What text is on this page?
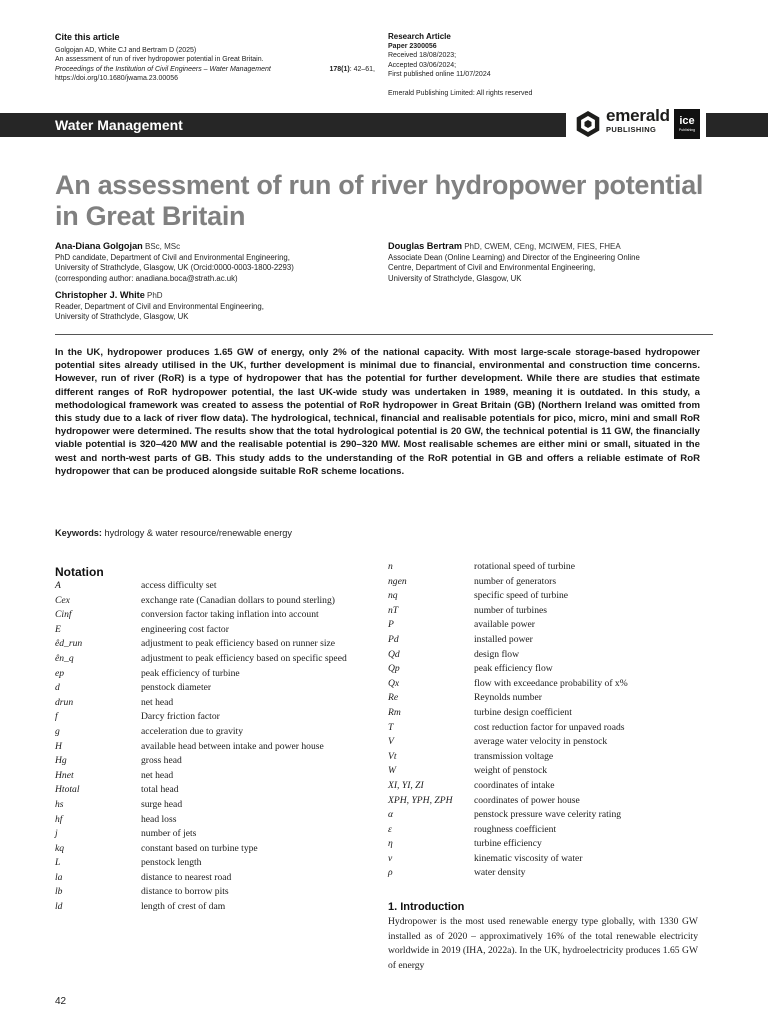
Cite this article
Golgojan AD, White CJ and Bertram D (2025)
An assessment of run of river hydropower potential in Great Britain.
Proceedings of the Institution of Civil Engineers – Water Management	178(1): 42–61,
https://doi.org/10.1680/jwama.23.00056
Research Article
Paper 2300056
Received 18/08/2023;
Accepted 03/06/2024;
First published online 11/07/2024
Emerald Publishing Limited: All rights reserved
Water Management	emerald
PUBLISHING
ice
Publishing
An assessment of run of river hydropower potential in Great Britain
Ana-Diana Golgojan BSc, MSc
PhD candidate, Department of Civil and Environmental Engineering,
University of Strathclyde, Glasgow, UK (Orcid:0000-0003-1800-2293)
(corresponding author: anadiana.boca@strath.ac.uk)
Christopher J. White PhD
Reader, Department of Civil and Environmental Engineering,
University of Strathclyde, Glasgow, UK
Douglas Bertram PhD, CWEM, CEng, MCIWEM, FIES, FHEA
Associate Dean (Online Learning) and Director of the Engineering Online
Centre, Department of Civil and Environmental Engineering,
University of Strathclyde, Glasgow, UK
In the UK, hydropower produces 1.65 GW of energy, only 2% of the national capacity. With most large-scale storage-based hydropower potential sites already utilised in the UK, further development is minimal due to financial, environmental and construction time concerns. However, run of river (RoR) is a type of hydropower that has the potential for further development. While there are studies that estimate different ranges of RoR hydropower potential, the last UK-wide study was undertaken in 1989, meaning it is outdated. In this study, a methodological framework was created to assess the potential of RoR hydropower in Great Britain (GB) (Northern Ireland was omitted from this study due to a lack of river flow data). The hydrological, technical, financial and realisable potentials for pico, micro, mini and small RoR hydropower were determined. The results show that the total hydrological potential is 20 GW, the technical potential is 11 GW, the financially viable potential is 320–420 MW and the realisable potential is 290–320 MW. Most realisable schemes are either mini or small, situated in the west and north-west parts of GB. This study adds to the understanding of the RoR potential in GB and offers a reliable estimate of RoR hydropower that can be produced alongside suitable RoR scheme locations.
Keywords: hydrology & water resource/renewable energy
Notation
A	access difficulty set
Cex	exchange rate (Canadian dollars to pound sterling)
Cinf	conversion factor taking inflation into account
E	engineering cost factor
êd_run	adjustment to peak efficiency based on runner size
ên_q	adjustment to peak efficiency based on specific speed
ep	peak efficiency of turbine
d	penstock diameter
drun	net head
f	Darcy friction factor
g	acceleration due to gravity
H	available head between intake and power house
Hg	gross head
Hnet	net head
Htotal	total head
hs	surge head
hf	head loss
j	number of jets
kq	constant based on turbine type
L	penstock length
la	distance to nearest road
lb	distance to borrow pits
ld	length of crest of dam
n	rotational speed of turbine
ngen	number of generators
nq	specific speed of turbine
nT	number of turbines
P	available power
Pd	installed power
Qd	design flow
Qp	peak efficiency flow
Qx	flow with exceedance probability of x%
Re	Reynolds number
Rm	turbine design coefficient
T	cost reduction factor for unpaved roads
V	average water velocity in penstock
Vt	transmission voltage
W	weight of penstock
XI, YI, ZI	coordinates of intake
XPH, YPH, ZPH	coordinates of power house
α	penstock pressure wave celerity rating
ε	roughness coefficient
η	turbine efficiency
ν	kinematic viscosity of water
ρ	water density
1. Introduction
Hydropower is the most used renewable energy type globally, with 1330 GW installed as of 2020 – approximatively 16% of the total renewable electricity worldwide in 2019 (IHA, 2022a). In the UK, hydroelectricity produces 1.65 GW of energy
42
